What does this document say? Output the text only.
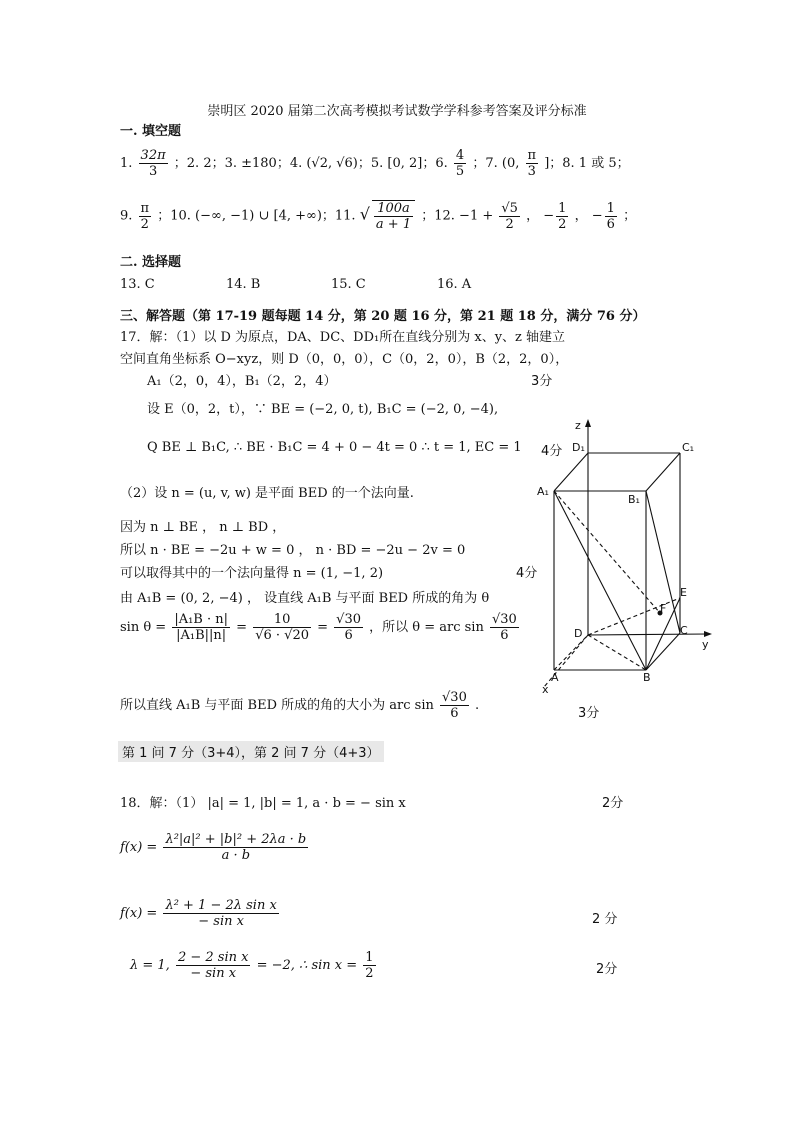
崇明区 2020 届第二次高考模拟考试数学学科参考答案及评分标准
一. 填空题
1. $\frac{32\pi}{3}$ ；2. 2；3. ±180；4. (√2, √6)；5. [0, 2]；6. $\frac{4}{5}$ ；7. (0, $\frac{\pi}{3}$ ]；8. 1 或 5；
9. $\frac{\pi}{2}$ ；10. (−∞, −1) ∪ [4, +∞)；11. √ $\frac{100a}{a + 1}$ ；12. $-1 + \frac{√5}{2}$ ， − $\frac{1}{2}$ ， − $\frac{1}{6}$ ；
二. 选择题
13. C	14. B	15. C	16. A
三、解答题（第 17-19 题每题 14 分，第 20 题 16 分，第 21 题 18 分，满分 76 分）
17．解：（1）以 D 为原点，DA、DC、DD₁所在直线分别为 x、y、z 轴建立
空间直角坐标系 O−xyz，则 D（0，0，0），C（0，2，0），B（2，2，0），
A₁（2，0，4），B₁（2，2，4）	3分
设 E（0，2，t），∵ BE = (−2, 0, t), B₁C = (−2, 0, −4),
Q BE ⊥ B₁C, ∴ BE · B₁C = 4 + 0 − 4t = 0 ∴ t = 1, EC = 1 4分
（2）设 n = (u, v, w) 是平面 BED 的一个法向量.
因为 n ⊥ BE ， n ⊥ BD ，
所以 n · BE = −2u + w = 0 ， n · BD = −2u − 2v = 0
可以取得其中的一个法向量得 n = (1, −1, 2)	4分
由 A₁B = (0, 2, −4) ， 设直线 A₁B 与平面 BED 所成的角为 θ
$\sin \theta = \frac{\text{|A₁B · n|}}{\text{|A₁B||n|}} = \frac{10}{√6 \cdot √20} = \frac{√30}{6}$ ，所以 θ = arc $\sin \frac{√30}{6}$
所以直线 A₁B 与平面 BED 所成的角的大小为 arc $\sin \frac{√30}{6}$ .
3分
第 1 问 7 分（3+4），第 2 问 7 分（4+3）
18．解：（1） |a| = 1, |b| = 1, a · b = − sin x	2分
$f(x) = \frac{\text{λ²|a|² + |b|² + 2λa · b}}{a \cdot b}$
$f(x) = \frac{\text{λ² + 1 − 2λ sin x}}{\text{− sin x}}$	2 分
λ = 1, $\frac{\text{2 − 2 sin x}}{\text{− sin x}} = -2$, ∴ $\sin x = \frac{1}{2}$	2分
z
D₁	C₁
A₁
B₁
E
F
D	C
y
A	B
x
